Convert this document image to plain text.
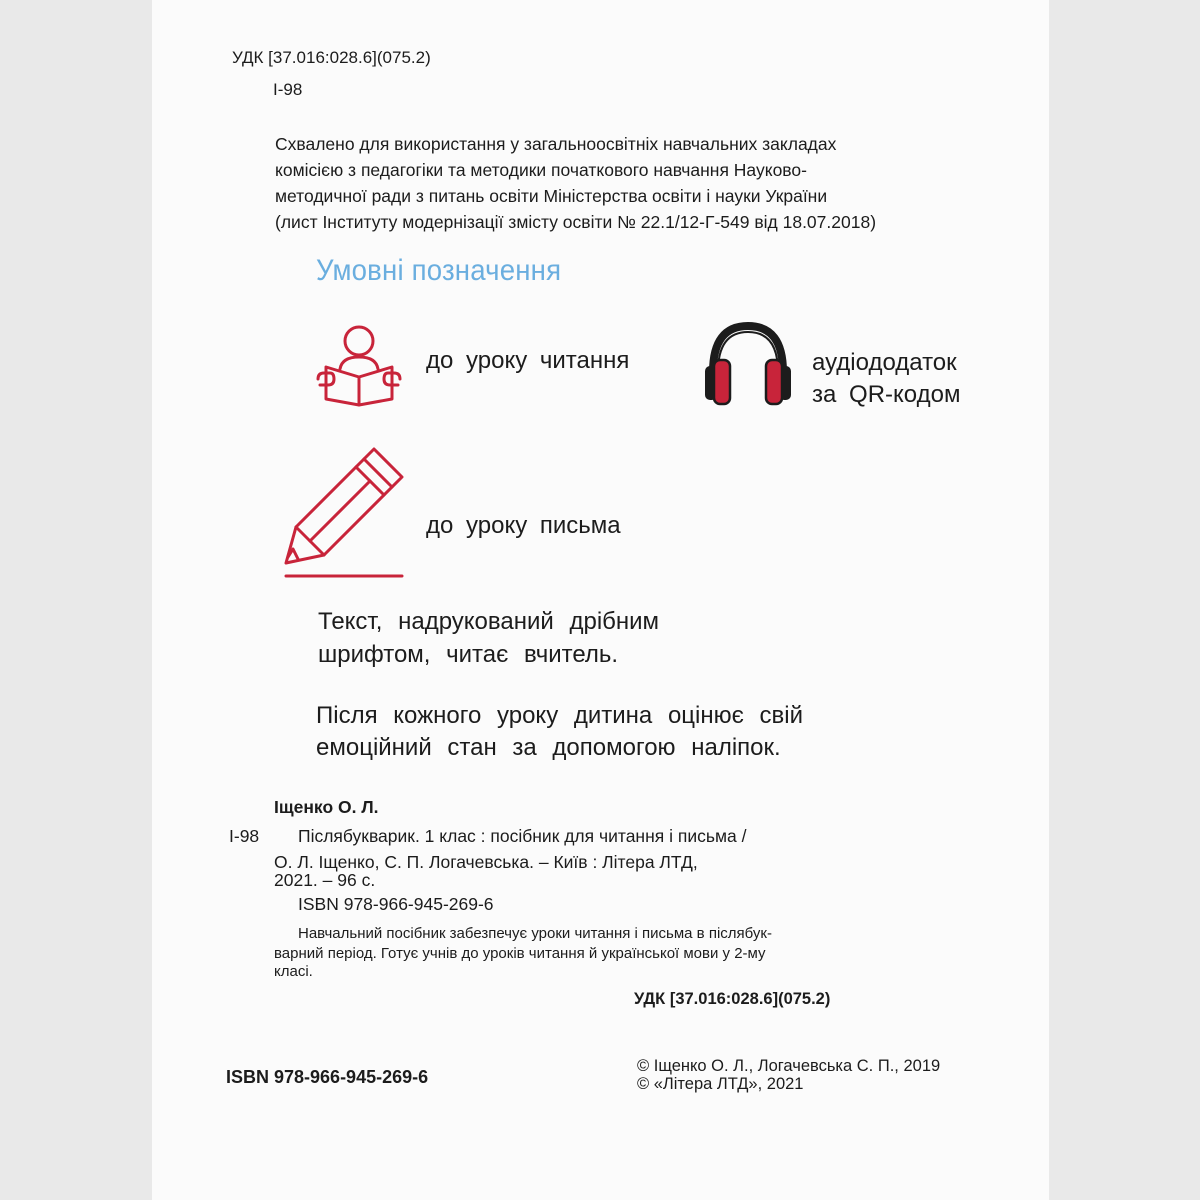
УДК [37.016:028.6](075.2)
І-98
Схвалено для використання у загальноосвітніх навчальних закладах
комісією з педагогіки та методики початкового навчання Науково-
методичної ради з питань освіти Міністерства освіти і науки України
(лист Інституту модернізації змісту освіти № 22.1/12-Г-549 від 18.07.2018)
Умовні позначення
до уроку читання	аудіододаток
за QR-кодом
до уроку письма
Текст, надрукований дрібним
шрифтом, читає вчитель.
Після кожного уроку дитина оцінює свій
емоційний стан за допомогою наліпок.
Іщенко О. Л.
І-98 Післябукварик. 1 клас : посібник для читання і письма /
О. Л. Іщенко, С. П. Логачевська. – Київ : Літера ЛТД,
2021. – 96 с.
ISBN 978-966-945-269-6
Навчальний посібник забезпечує уроки читання і письма в післябук-
варний період. Готує учнів до уроків читання й української мови у 2-му
класі.
УДК [37.016:028.6](075.2)
ISBN 978-966-945-269-6
© Іщенко О. Л., Логачевська С. П., 2019
© «Літера ЛТД», 2021
